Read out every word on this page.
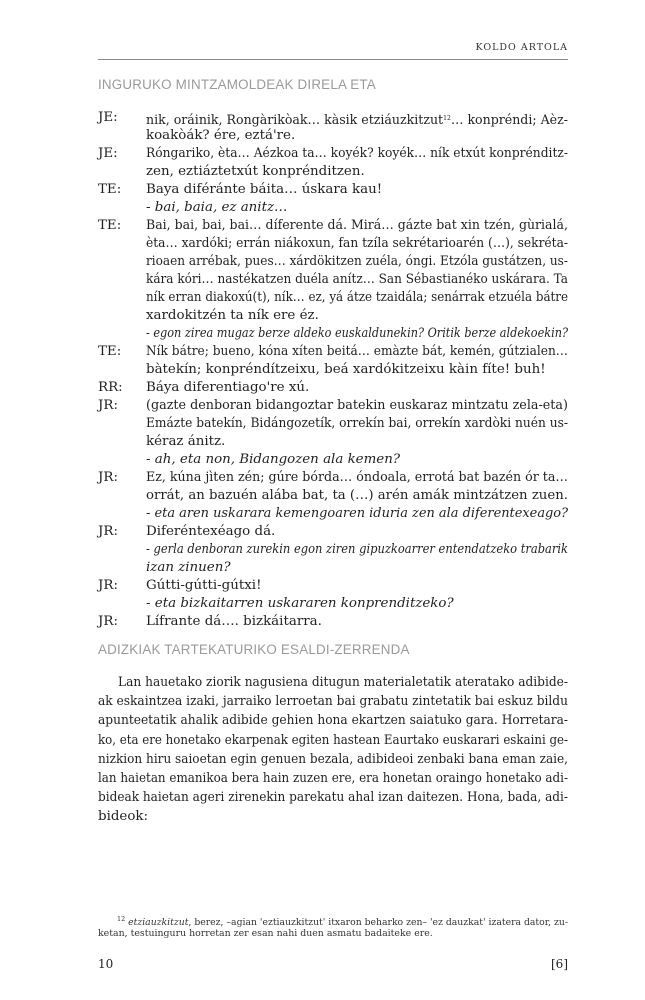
KOLDO ARTOLA
INGURUKO MINTZAMOLDEAK DIRELA ETA
JE: nik, oráinik, Rongàrikòak… kàsik etziáuzkitzut$^{12}$… konpréndi; Aèz-
koakòák? ére, eztá're.
JE: Róngariko, èta… Aézkoa ta… koyék? koyék… ník etxút konprénditz-
zen, eztiáztetxút konprénditzen.
TE: Baya diféránte báita… úskara kau!
- bai, baia, ez anitz…
TE: Bai, bai, bai, bai… díferente dá. Mirá… gázte bat xin tzén, gùrialá,
èta… xardóki; errán niákoxun, fan tzíla sekrétarioarén (…), sekréta-
rioaen arrébak, pues… xárdökitzen zuéla, óngi. Etzóla gustátzen, us-
kára kóri… nastékatzen duéla anítz… San Sébastianéko uskárara. Ta
ník erran diakoxú(t), ník… ez, yá átze tzaidála; senárrak etzuéla bátre
xardokitzén ta ník ere éz.
- egon zirea mugaz berze aldeko euskaldunekin? Oritik berze aldekoekin?
TE: Ník bátre; bueno, kóna xíten beitá… emàzte bát, kemén, gútzialen…
bàtekín; konpréndítzeixu, beá xardókitzeixu kàin fíte! buh!
RR: Báya diferentiago're xú.
JR: (gazte denboran bidangoztar batekin euskaraz mintzatu zela-eta)
Emázte batekín, Bidángozetík, orrekín bai, orrekín xardòki nuén us-
kéraz ánitz.
- ah, eta non, Bidangozen ala kemen?
JR: Ez, kúna jìten zén; gúre bórda… óndoala, errotá bat bazén ór ta…
orrát, an bazuén alába bat, ta (…) arén amák mintzátzen zuen.
- eta aren uskarara kemengoaren iduria zen ala diferentexeago?
JR: Diferéntexéago dá.
- gerla denboran zurekin egon ziren gipuzkoarrer entendatzeko trabarik
izan zinuen?
JR: Gútti-gútti-gútxi!
- eta bizkaitarren uskararen konprenditzeko?
JR: Lífrante dá…. bizkáitarra.
ADIZKIAK TARTEKATURIKO ESALDI-ZERRENDA
Lan hauetako ziorik nagusiena ditugun materialetatik ateratako adibide-
ak eskaintzea izaki, jarraiko lerroetan bai grabatu zintetatik bai eskuz bildu
apunteetatik ahalik adibide gehien hona ekartzen saiatuko gara. Horretara-
ko, eta ere honetako ekarpenak egiten hastean Eaurtako euskarari eskaini ge-
nizkion hiru saioetan egin genuen bezala, adibideoi zenbaki bana eman zaie,
lan haietan emanikoa bera hain zuzen ere, era honetan oraingo honetako adi-
bideak haietan ageri zirenekin parekatu ahal izan daitezen. Hona, bada, adi-
bideok:
$^{12}$ etziauzkitzut, berez, –agian 'eztiauzkitzut' itxaron beharko zen– 'ez dauzkat' izatera dator, zu-
ketan, testuinguru horretan zer esan nahi duen asmatu badaiteke ere.
10	[6]
